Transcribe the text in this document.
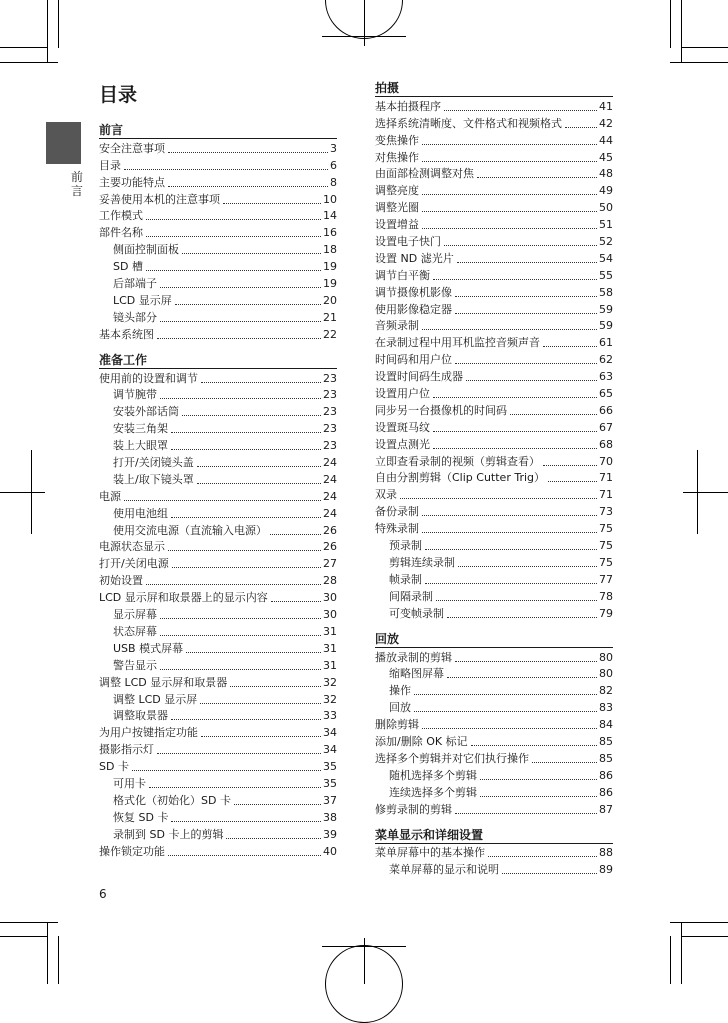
目录
前言
前言
安全注意事项	3
目录	6
主要功能特点	8
妥善使用本机的注意事项	10
工作模式	14
部件名称	16
侧面控制面板	18
SD 槽	19
后部端子	19
LCD 显示屏	20
镜头部分	21
基本系统图	22
准备工作
使用前的设置和调节	23
调节腕带	23
安装外部话筒	23
安装三角架	23
装上大眼罩	23
打开/关闭镜头盖	24
装上/取下镜头罩	24
电源	24
使用电池组	24
使用交流电源（直流输入电源）	26
电源状态显示	26
打开/关闭电源	27
初始设置	28
LCD 显示屏和取景器上的显示内容	30
显示屏幕	30
状态屏幕	31
USB 模式屏幕	31
警告显示	31
调整 LCD 显示屏和取景器	32
调整 LCD 显示屏	32
调整取景器	33
为用户按键指定功能	34
摄影指示灯	34
SD 卡	35
可用卡	35
格式化（初始化）SD 卡	37
恢复 SD 卡	38
录制到 SD 卡上的剪辑	39
操作锁定功能	40
拍摄
基本拍摄程序	41
选择系统清晰度、文件格式和视频格式	42
变焦操作	44
对焦操作	45
由面部检测调整对焦	48
调整亮度	49
调整光圈	50
设置增益	51
设置电子快门	52
设置 ND 滤光片	54
调节白平衡	55
调节摄像机影像	58
使用影像稳定器	59
音频录制	59
在录制过程中用耳机监控音频声音	61
时间码和用户位	62
设置时间码生成器	63
设置用户位	65
同步另一台摄像机的时间码	66
设置斑马纹	67
设置点测光	68
立即查看录制的视频（剪辑查看）	70
自由分割剪辑（Clip Cutter Trig）	71
双录	71
备份录制	73
特殊录制	75
预录制	75
剪辑连续录制	75
帧录制	77
间隔录制	78
可变帧录制	79
回放
播放录制的剪辑	80
缩略图屏幕	80
操作	82
回放	83
删除剪辑	84
添加/删除 OK 标记	85
选择多个剪辑并对它们执行操作	85
随机选择多个剪辑	86
连续选择多个剪辑	86
修剪录制的剪辑	87
菜单显示和详细设置
菜单屏幕中的基本操作	88
菜单屏幕的显示和说明	89
6
